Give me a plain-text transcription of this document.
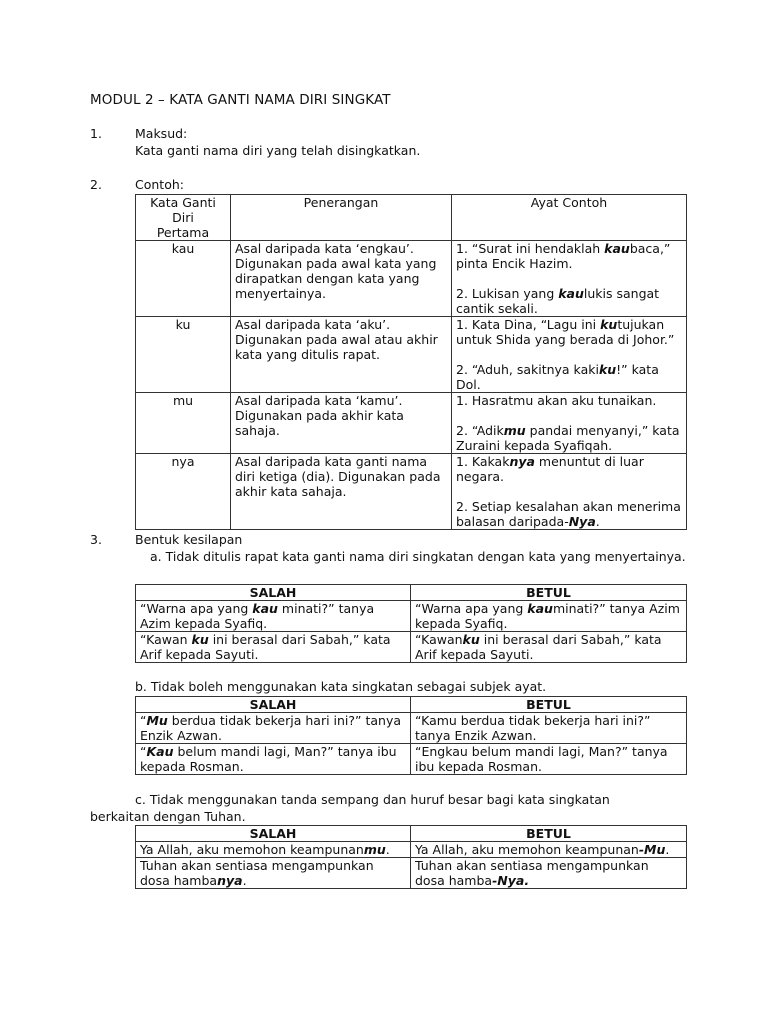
MODUL 2 – KATA GANTI NAMA DIRI SINGKAT
1.	Maksud:
Kata ganti nama diri yang telah disingkatkan.
2.	Contoh:
Kata Ganti Diri Pertama	Penerangan	Ayat Contoh
kau	Asal daripada kata ‘engkau’. Digunakan pada awal kata yang dirapatkan dengan kata yang menyertainya.	1. “Surat ini hendaklah kaubaca,” pinta Encik Hazim.

2. Lukisan yang kaulukis sangat cantik sekali.

ku	Asal daripada kata ‘aku’. Digunakan pada awal atau akhir kata yang ditulis rapat.	1. Kata Dina, “Lagu ini kutujukan untuk Shida yang berada di Johor.”

2. “Aduh, sakitnya kakiku!” kata Dol.

mu	Asal daripada kata ‘kamu’. Digunakan pada akhir kata sahaja.	1. Hasratmu akan aku tunaikan.

2. “Adikmu pandai menyanyi,” kata Zuraini kepada Syafiqah.

nya	Asal daripada kata ganti nama diri ketiga (dia). Digunakan pada akhir kata sahaja.	1. Kakaknya menuntut di luar negara.

2. Setiap kesalahan akan menerima balasan daripada-Nya.

3.	Bentuk kesilapan
a. Tidak ditulis rapat kata ganti nama diri singkatan dengan kata yang menyertainya.
SALAH	BETUL
“Warna apa yang kau minati?” tanya Azim kepada Syafiq.	“Warna apa yang kauminati?” tanya Azim kepada Syafiq.
“Kawan ku ini berasal dari Sabah,” kata Arif kepada Sayuti.	“Kawanku ini berasal dari Sabah,” kata Arif kepada Sayuti.
b. Tidak boleh menggunakan kata singkatan sebagai subjek ayat.
SALAH	BETUL
“Mu berdua tidak bekerja hari ini?” tanya Enzik Azwan.	“Kamu berdua tidak bekerja hari ini?” tanya Enzik Azwan.
“Kau belum mandi lagi, Man?” tanya ibu kepada Rosman.	“Engkau belum mandi lagi, Man?” tanya ibu kepada Rosman.
c. Tidak menggunakan tanda sempang dan huruf besar bagi kata singkatan
berkaitan dengan Tuhan.
SALAH	BETUL
Ya Allah, aku memohon keampunanmu.	Ya Allah, aku memohon keampunan-Mu.
Tuhan akan sentiasa mengampunkan dosa hambanya.	Tuhan akan sentiasa mengampunkan dosa hamba-Nya.
